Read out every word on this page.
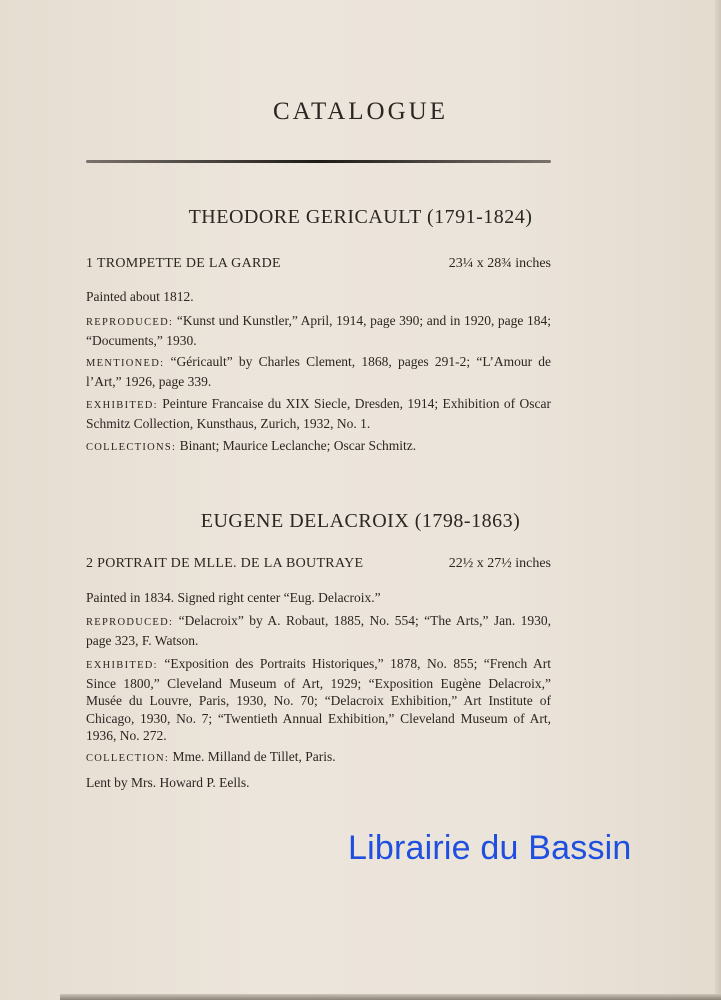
CATALOGUE
THEODORE GERICAULT (1791-1824)
1 TROMPETTE DE LA GARDE	23¼ x 28¾ inches
Painted about 1812.
REPRODUCED: “Kunst und Kunstler,” April, 1914, page 390; and in 1920, page 184; “Documents,” 1930.
MENTIONED: “Géricault” by Charles Clement, 1868, pages 291-2; “L’Amour de l’Art,” 1926, page 339.
EXHIBITED: Peinture Francaise du XIX Siecle, Dresden, 1914; Exhibition of Oscar Schmitz Collection, Kunsthaus, Zurich, 1932, No. 1.
COLLECTIONS: Binant; Maurice Leclanche; Oscar Schmitz.
EUGENE DELACROIX (1798-1863)
2 PORTRAIT DE MLLE. DE LA BOUTRAYE	22½ x 27½ inches
Painted in 1834. Signed right center “Eug. Delacroix.”
REPRODUCED: “Delacroix” by A. Robaut, 1885, No. 554; “The Arts,” Jan. 1930, page 323, F. Watson.
EXHIBITED: “Exposition des Portraits Historiques,” 1878, No. 855; “French Art Since 1800,” Cleveland Museum of Art, 1929; “Exposition Eugène Delacroix,” Musée du Louvre, Paris, 1930, No. 70; “Delacroix Exhibition,” Art Institute of Chicago, 1930, No. 7; “Twentieth Annual Exhibition,” Cleveland Museum of Art, 1936, No. 272.
COLLECTION: Mme. Milland de Tillet, Paris.
Lent by Mrs. Howard P. Eells.
Librairie du Bassin
